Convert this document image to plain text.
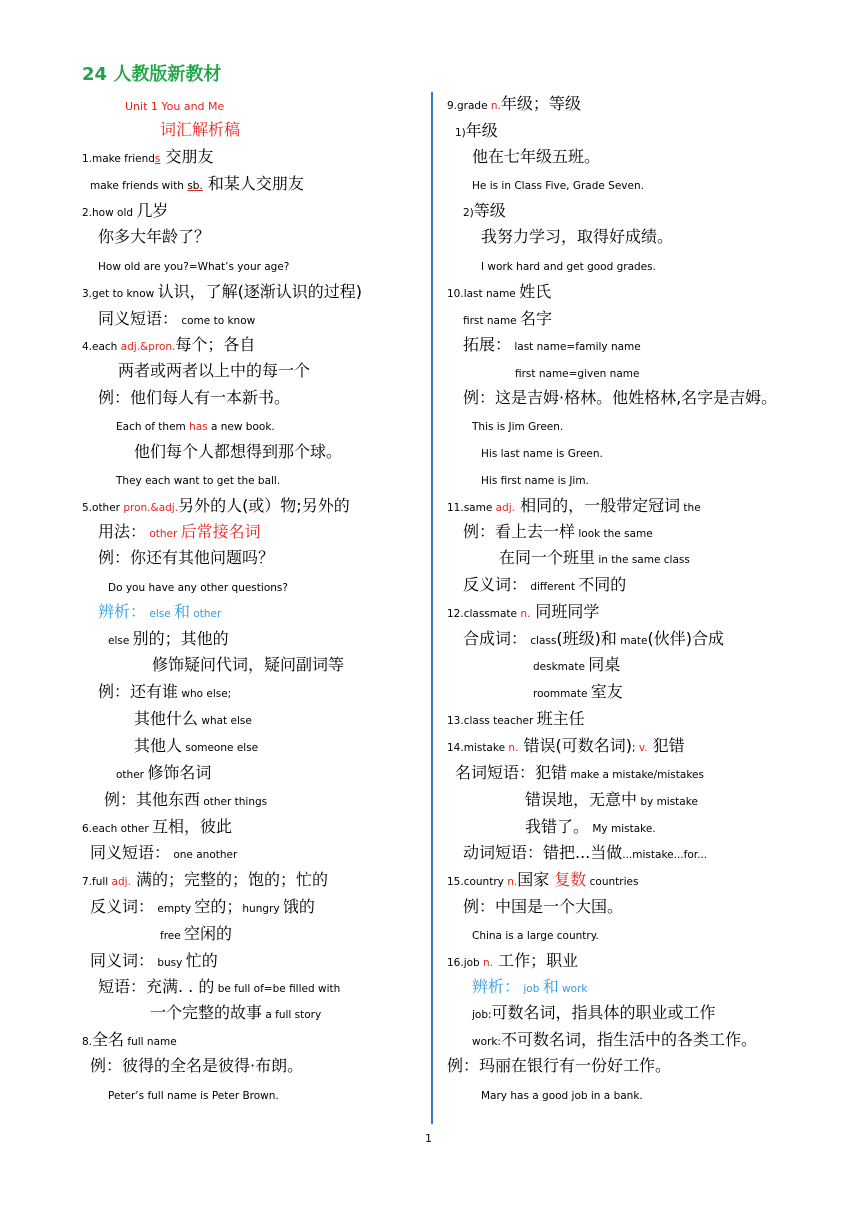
24 人教版新教材
Unit 1 You and Me
词汇解析稿
1.make friends 交朋友
make friends with sb. 和某人交朋友
2.how old 几岁
你多大年龄了？
How old are you?=What’s your age?
3.get to know 认识，了解(逐渐认识的过程)
同义短语： come to know
4.each adj.&pron.每个；各自
两者或两者以上中的每一个
例：他们每人有一本新书。
Each of them has a new book.
他们每个人都想得到那个球。
They each want to get the ball.
5.other pron.&adj.另外的人(或）物;另外的
用法： other 后常接名词
例：你还有其他问题吗？
Do you have any other questions?
辨析： else 和 other
else 别的；其他的
修饰疑问代词，疑问副词等
例：还有谁 who else;
其他什么 what else
其他人 someone else
other 修饰名词
例：其他东西 other things
6.each other 互相，彼此
同义短语： one another
7.full adj. 满的；完整的；饱的；忙的
反义词： empty 空的；hungry 饿的
free 空闲的
同义词： busy 忙的
短语：充满. . 的 be full of=be filled with
一个完整的故事 a full story
8.全名 full name
例：彼得的全名是彼得·布朗。
Peter’s full name is Peter Brown.
9.grade n.年级；等级
1)年级
他在七年级五班。
He is in Class Five, Grade Seven.
2)等级
我努力学习，取得好成绩。
I work hard and get good grades.
10.last name 姓氏
first name 名字
拓展： last name=family name
first name=given name
例：这是吉姆·格林。他姓格林,名字是吉姆。
This is Jim Green.
His last name is Green.
His first name is Jim.
11.same adj. 相同的，一般带定冠词 the
例：看上去一样 look the same
在同一个班里 in the same class
反义词： different 不同的
12.classmate n. 同班同学
合成词： class(班级)和 mate(伙伴)合成
deskmate 同桌
roommate 室友
13.class teacher 班主任
14.mistake n. 错误(可数名词); v. 犯错
名词短语：犯错 make a mistake/mistakes
错误地，无意中 by mistake
我错了。 My mistake.
动词短语：错把...当做...mistake...for...
15.country n.国家 复数 countries
例：中国是一个大国。
China is a large country.
16.job n. 工作；职业
辨析： job 和 work
job:可数名词，指具体的职业或工作
work:不可数名词，指生活中的各类工作。
例：玛丽在银行有一份好工作。
Mary has a good job in a bank.
1
